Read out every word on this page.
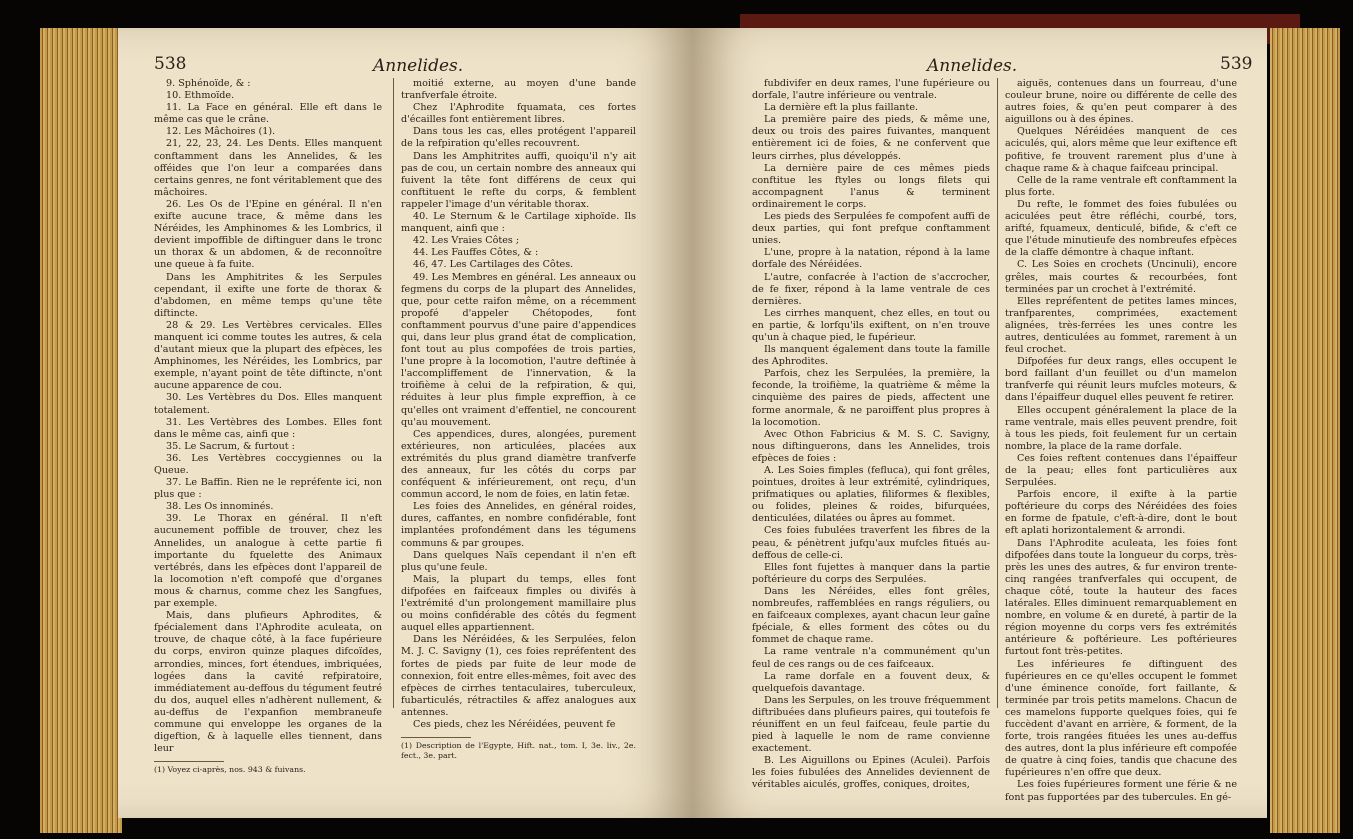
538	Annelides.

9. Sphénoïde, & :

10. Ethmoïde.

11. La Face en général. Elle eft dans le même cas que le crâne.

12. Les Mâchoires (1).

21, 22, 23, 24. Les Dents. Elles manquent conftamment dans les Annelides, & les offéides que l'on leur a comparées dans certains genres, ne font véritablement que des mâchoires.

26. Les Os de l'Epine en général. Il n'en exifte aucune trace, & même dans les Néréides, les Amphinomes & les Lombrics, il devient impoffible de diftinguer dans le tronc un thorax & un abdomen, & de reconnoître une queue à fa fuite.

Dans les Amphitrites & les Serpules cependant, il exifte une forte de thorax & d'abdomen, en même temps qu'une tête diftincte.

28 & 29. Les Vertèbres cervicales. Elles manquent ici comme toutes les autres, & cela d'autant mieux que la plupart des efpèces, les Amphinomes, les Néréides, les Lombrics, par exemple, n'ayant point de tête diftincte, n'ont aucune apparence de cou.

30. Les Vertèbres du Dos. Elles manquent totalement.

31. Les Vertèbres des Lombes. Elles font dans le même cas, ainfi que :

35. Le Sacrum, & furtout :

36. Les Vertèbres coccygiennes ou la Queue.

37. Le Baffin. Rien ne le repréfente ici, non plus que :

38. Les Os innominés.

39. Le Thorax en général. Il n'eft aucunement poffible de trouver, chez les Annelides, un analogue à cette partie fi importante du fquelette des Animaux vertébrés, dans les efpèces dont l'appareil de la locomotion n'eft compofé que d'organes mous & charnus, comme chez les Sangfues, par exemple.

Mais, dans plufieurs Aphrodites, & fpécialement dans l'Aphrodite aculeata, on trouve, de chaque côté, à la face fupérieure du corps, environ quinze plaques difcoïdes, arrondies, minces, fort étendues, imbriquées, logées dans la cavité refpiratoire, immédiatement au-deffous du tégument feutré du dos, auquel elles n'adhèrent nullement, & au-deffus de l'expanfion membraneufe commune qui enveloppe les organes de la digeftion, & à laquelle elles tiennent, dans leur

(1) Voyez ci-après, nos. 943 & fuivans.

moitié externe, au moyen d'une bande tranfverfale étroite.

Chez l'Aphrodite fquamata, ces fortes d'écailles font entièrement libres.

Dans tous les cas, elles protégent l'appareil de la refpiration qu'elles recouvrent.

Dans les Amphitrites auffi, quoiqu'il n'y ait pas de cou, un certain nombre des anneaux qui fuivent la tête font différens de ceux qui conftituent le refte du corps, & femblent rappeler l'image d'un véritable thorax.

40. Le Sternum & le Cartilage xiphoïde. Ils manquent, ainfi que :

42. Les Vraies Côtes ;

44. Les Fauffes Côtes, & :

46, 47. Les Cartilages des Côtes.

49. Les Membres en général. Les anneaux ou fegmens du corps de la plupart des Annelides, que, pour cette raifon même, on a récemment propofé d'appeler Chétopodes, font conftamment pourvus d'une paire d'appendices qui, dans leur plus grand état de complication, font tout au plus compofées de trois parties, l'une propre à la locomotion, l'autre deftinée à l'accompliffement de l'innervation, & la troifième à celui de la refpiration, & qui, réduites à leur plus fimple expreffion, à ce qu'elles ont vraiment d'effentiel, ne concourent qu'au mouvement.

Ces appendices, dures, alongées, purement extérieures, non articulées, placées aux extrémités du plus grand diamètre tranfverfe des anneaux, fur les côtés du corps par conféquent & inférieurement, ont reçu, d'un commun accord, le nom de foies, en latin fetæ.

Les foies des Annelides, en général roides, dures, caffantes, en nombre confidérable, font implantées profondément dans les tégumens communs & par groupes.

Dans quelques Naïs cependant il n'en eft plus qu'une feule.

Mais, la plupart du temps, elles font difpofées en faifceaux fimples ou divifés à l'extrémité d'un prolongement mamillaire plus ou moins confidérable des côtés du fegment auquel elles appartiennent.

Dans les Néréidées, & les Serpulées, felon M. J. C. Savigny (1), ces foies repréfentent des fortes de pieds par fuite de leur mode de connexion, foit entre elles-mêmes, foit avec des efpèces de cirrhes tentaculaires, tuberculeux, fubarticulés, rétractiles & affez analogues aux antennes.

Ces pieds, chez les Néréidées, peuvent fe

(1) Description de l'Egypte, Hift. nat., tom. I, 3e. liv., 2e. fect., 3e. part.

Annelides.	539

fubdivifer en deux rames, l'une fupérieure ou dorfale, l'autre inférieure ou ventrale.

La dernière eft la plus faillante.

La première paire des pieds, & même une, deux ou trois des paires fuivantes, manquent entièrement ici de foies, & ne confervent que leurs cirrhes, plus développés.

La dernière paire de ces mêmes pieds conftitue les ftyles ou longs filets qui accompagnent l'anus & terminent ordinairement le corps.

Les pieds des Serpulées fe compofent auffi de deux parties, qui font prefque conftamment unies.

L'une, propre à la natation, répond à la lame dorfale des Néréidées.

L'autre, confacrée à l'action de s'accrocher, de fe fixer, répond à la lame ventrale de ces dernières.

Les cirrhes manquent, chez elles, en tout ou en partie, & lorfqu'ils exiftent, on n'en trouve qu'un à chaque pied, le fupérieur.

Ils manquent également dans toute la famille des Aphrodites.

Parfois, chez les Serpulées, la première, la feconde, la troifième, la quatrième & même la cinquième des paires de pieds, affectent une forme anormale, & ne paroiffent plus propres à la locomotion.

Avec Othon Fabricius & M. S. C. Savigny, nous diftinguerons, dans les Annelides, trois efpèces de foies :

A. Les Soies fimples (fefluca), qui font grêles, pointues, droites à leur extrémité, cylindriques, prifmatiques ou aplaties, filiformes & flexibles, ou folides, pleines & roides, bifurquées, denticulées, dilatées ou âpres au fommet.

Ces foies fubulées traverfent les fibres de la peau, & pénètrent jufqu'aux mufcles fitués au-deffous de celle-ci.

Elles font fujettes à manquer dans la partie poftérieure du corps des Serpulées.

Dans les Néréides, elles font grêles, nombreufes, raffemblées en rangs réguliers, ou en faifceaux complexes, ayant chacun leur gaîne fpéciale, & elles forment des côtes ou du fommet de chaque rame.

La rame ventrale n'a communément qu'un feul de ces rangs ou de ces faifceaux.

La rame dorfale en a fouvent deux, & quelquefois davantage.

Dans les Serpules, on les trouve fréquemment diftribuées dans plufieurs paires, qui toutefois fe réuniffent en un feul faifceau, feule partie du pied à laquelle le nom de rame convienne exactement.

B. Les Aiguillons ou Epines (Aculei). Parfois les foies fubulées des Annelides deviennent de véritables aiculés, groffes, coniques, droites,

aiguës, contenues dans un fourreau, d'une couleur brune, noire ou différente de celle des autres foies, & qu'en peut comparer à des aiguillons ou à des épines.

Quelques Néréidées manquent de ces aciculés, qui, alors même que leur exiftence eft pofitive, fe trouvent rarement plus d'une à chaque rame & à chaque faifceau principal.

Celle de la rame ventrale eft conftamment la plus forte.

Du refte, le fommet des foies fubulées ou aciculées peut être réfléchi, courbé, tors, arifté, fquameux, denticulé, bifide, & c'eft ce que l'étude minutieufe des nombreufes efpèces de la claffe démontre à chaque inftant.

C. Les Soies en crochets (Uncinuli), encore grêles, mais courtes & recourbées, font terminées par un crochet à l'extrémité.

Elles repréfentent de petites lames minces, tranfparentes, comprimées, exactement alignées, très-ferrées les unes contre les autres, denticulées au fommet, rarement à un feul crochet.

Difpofées fur deux rangs, elles occupent le bord faillant d'un feuillet ou d'un mamelon tranfverfe qui réunit leurs mufcles moteurs, & dans l'épaiffeur duquel elles peuvent fe retirer.

Elles occupent généralement la place de la rame ventrale, mais elles peuvent prendre, foit à tous les pieds, foit feulement fur un certain nombre, la place de la rame dorfale.

Ces foies reftent contenues dans l'épaiffeur de la peau; elles font particulières aux Serpulées.

Parfois encore, il exifte à la partie poftérieure du corps des Néréidées des foies en forme de fpatule, c'eft-à-dire, dont le bout eft aplati horizontalement & arrondi.

Dans l'Aphrodite aculeata, les foies font difpofées dans toute la longueur du corps, très-près les unes des autres, & fur environ trente-cinq rangées tranfverfales qui occupent, de chaque côté, toute la hauteur des faces latérales. Elles diminuent remarquablement en nombre, en volume & en dureté, à partir de la région moyenne du corps vers fes extrémités antérieure & poftérieure. Les poftérieures furtout font très-petites.

Les inférieures fe diftinguent des fupérieures en ce qu'elles occupent le fommet d'une éminence conoïde, fort faillante, & terminée par trois petits mamelons. Chacun de ces mamelons fupporte quelques foies, qui fe fuccèdent d'avant en arrière, & forment, de la forte, trois rangées fituées les unes au-deffus des autres, dont la plus inférieure eft compofée de quatre à cinq foies, tandis que chacune des fupérieures n'en offre que deux.

Les foies fupérieures forment une férie & ne font pas fupportées par des tubercules. En gé-
